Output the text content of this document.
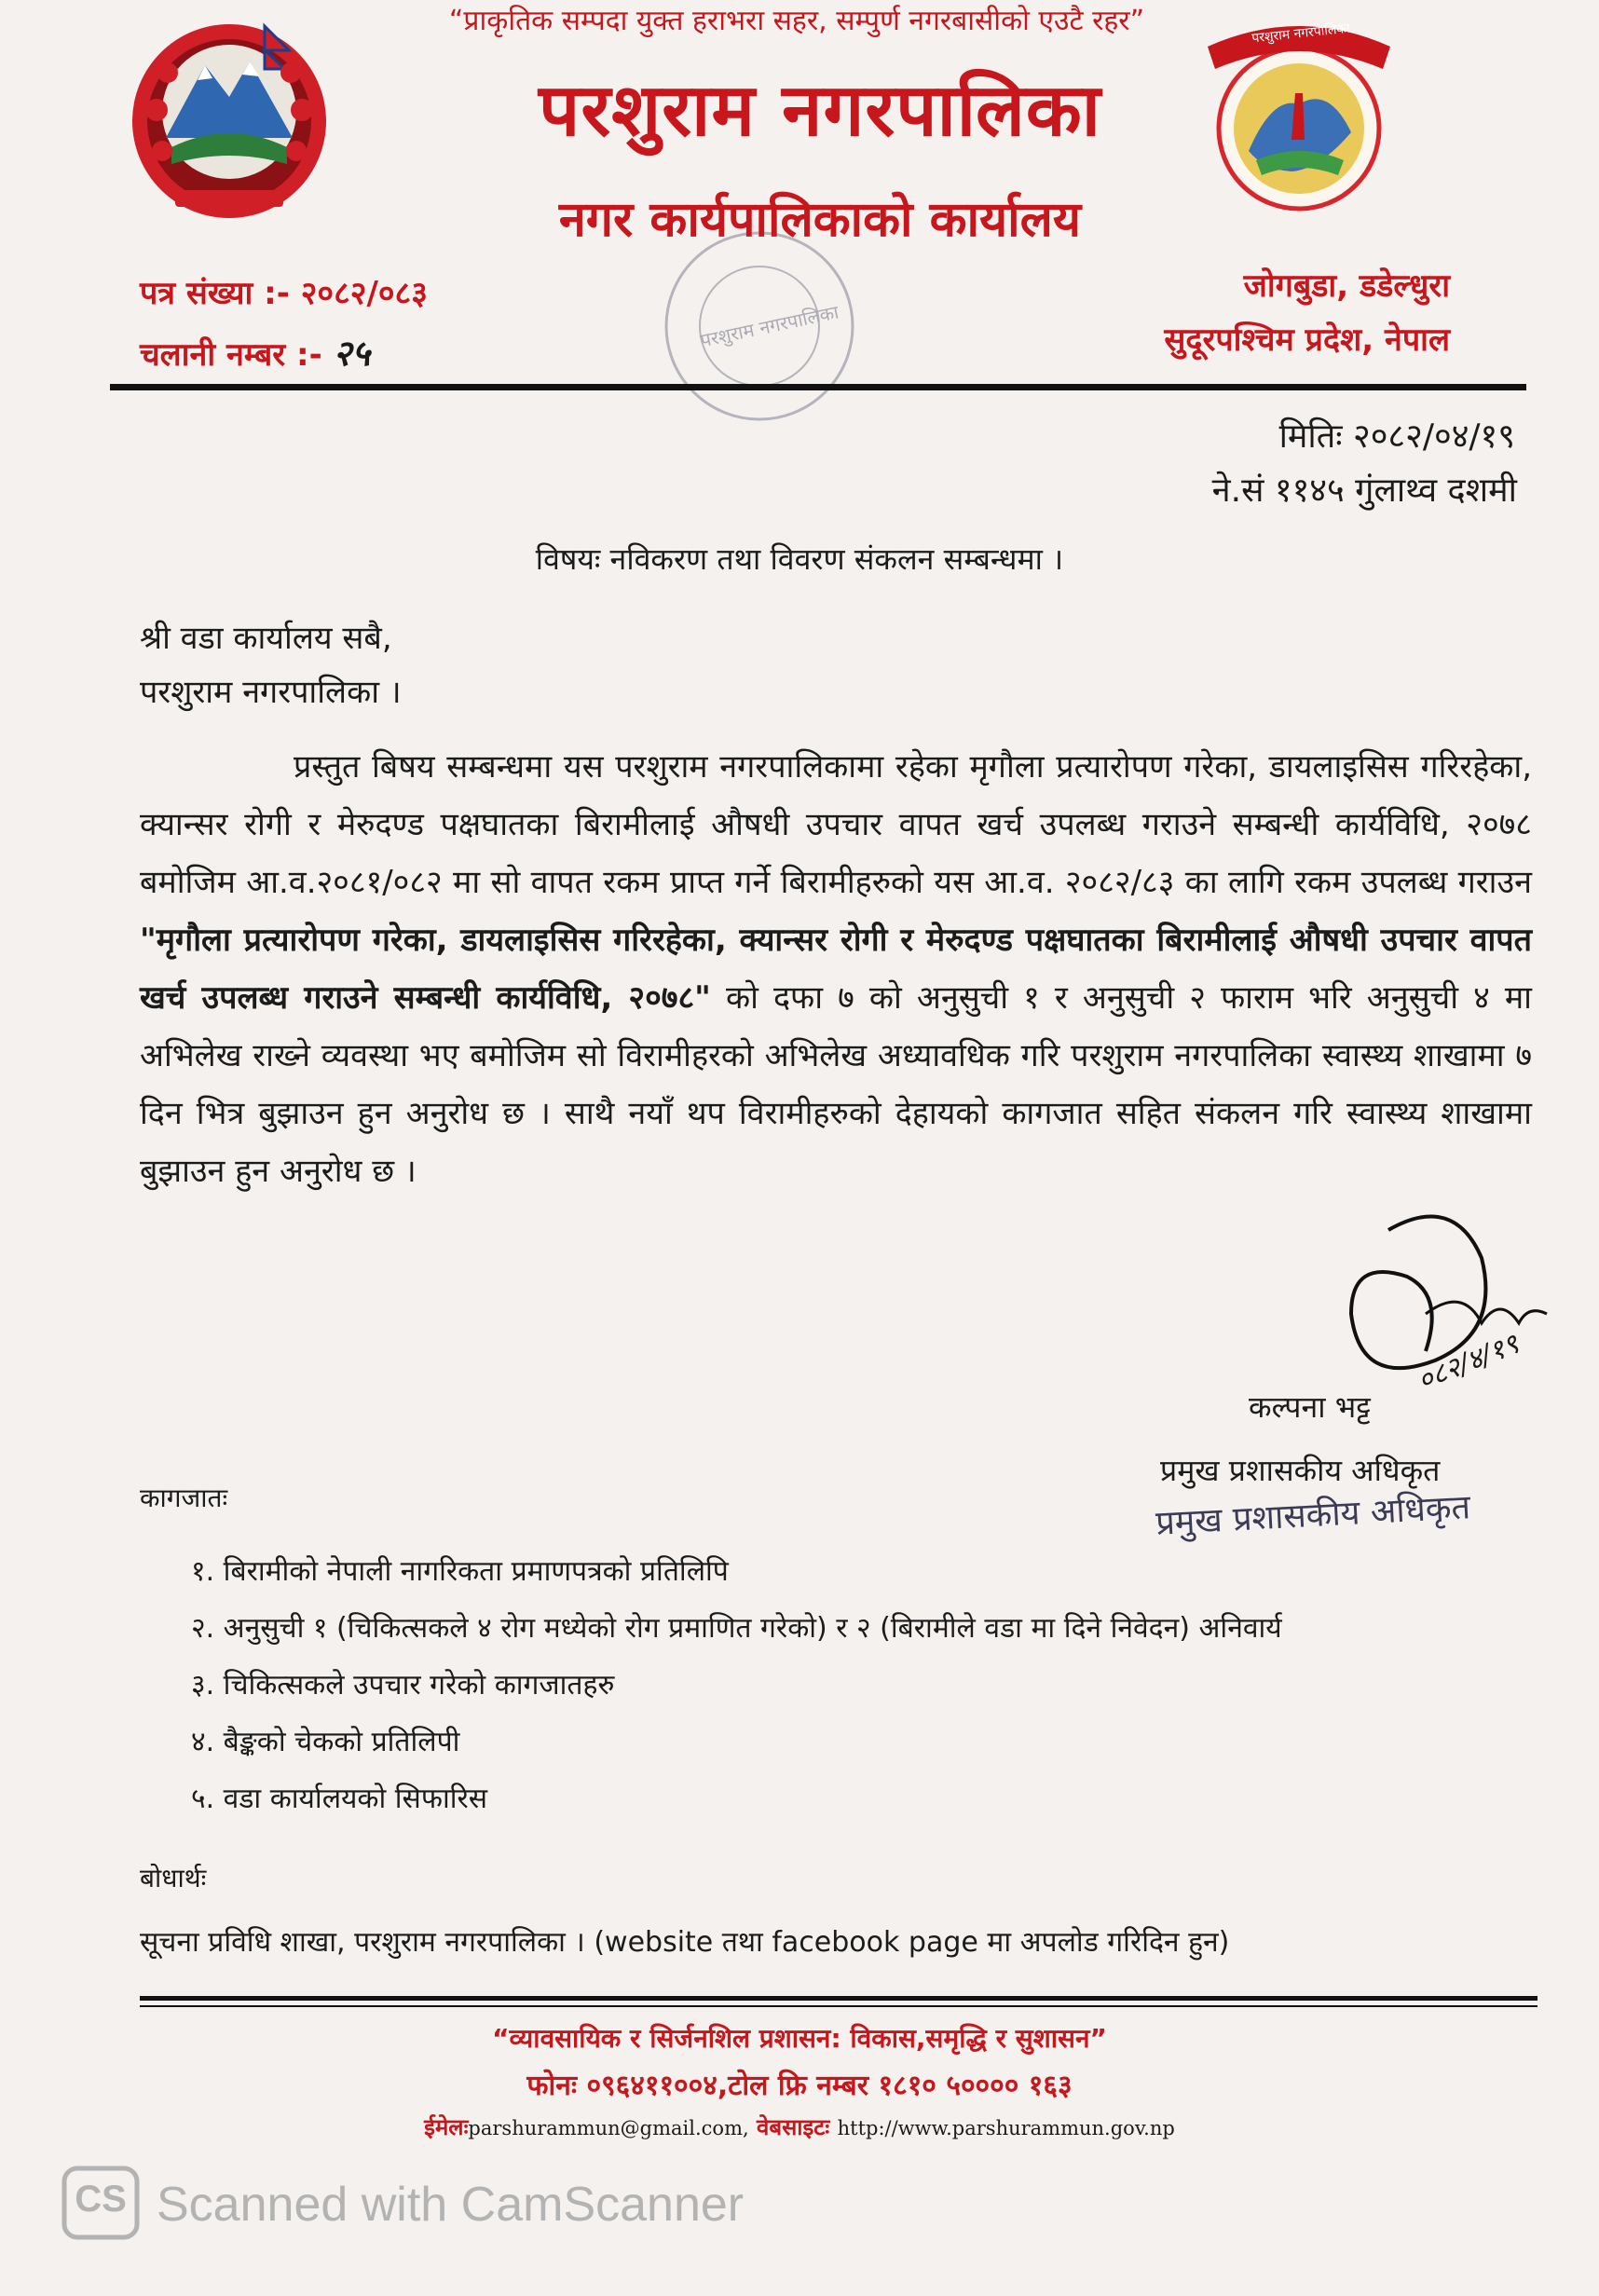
परशुराम नगरपालिका
परशुराम नगरपालिका
“प्राकृतिक सम्पदा युक्त हराभरा सहर, सम्पुर्ण नगरबासीको एउटै रहर”
परशुराम नगरपालिका
नगर कार्यपालिकाको कार्यालय
पत्र संख्या :- २०८२/०८३
चलानी नम्बर :- २५
जोगबुडा, डडेल्धुरा
सुदूरपश्चिम प्रदेश, नेपाल
मितिः २०८२/०४/१९
ने.सं ११४५ गुंलाथ्व दशमी
विषयः नविकरण तथा विवरण संकलन सम्बन्धमा ।
श्री वडा कार्यालय सबै,
परशुराम नगरपालिका ।
प्रस्तुत बिषय सम्बन्धमा यस परशुराम नगरपालिकामा रहेका मृगौला प्रत्यारोपण गरेका, डायलाइसिस गरिरहेका, क्यान्सर रोगी र मेरुदण्ड पक्षघातका बिरामीलाई औषधी उपचार वापत खर्च उपलब्ध गराउने सम्बन्धी कार्यविधि, २०७८ बमोजिम आ.व.२०८१/०८२ मा सो वापत रकम प्राप्त गर्ने बिरामीहरुको यस आ.व. २०८२/८३ का लागि रकम उपलब्ध गराउन "मृगौला प्रत्यारोपण गरेका, डायलाइसिस गरिरहेका, क्यान्सर रोगी र मेरुदण्ड पक्षघातका बिरामीलाई औषधी उपचार वापत खर्च उपलब्ध गराउने सम्बन्धी कार्यविधि, २०७८" को दफा ७ को अनुसुची १ र अनुसुची २ फाराम भरि अनुसुची ४ मा अभिलेख राख्ने व्यवस्था भए बमोजिम सो विरामीहरको अभिलेख अध्यावधिक गरि परशुराम नगरपालिका स्वास्थ्य शाखामा ७ दिन भित्र बुझाउन हुन अनुरोध छ । साथै नयाँ थप विरामीहरुको देहायको कागजात सहित संकलन गरि स्वास्थ्य शाखामा बुझाउन हुन अनुरोध छ ।
०८२/४/१९
कल्पना भट्ट
प्रमुख प्रशासकीय अधिकृत
प्रमुख प्रशासकीय अधिकृत
कागजातः
१. बिरामीको नेपाली नागरिकता प्रमाणपत्रको प्रतिलिपि
२. अनुसुची १ (चिकित्सकले ४ रोग मध्येको रोग प्रमाणित गरेको) र २ (बिरामीले वडा मा दिने निवेदन) अनिवार्य
३. चिकित्सकले उपचार गरेको कागजातहरु
४. बैङ्कको चेकको प्रतिलिपी
५. वडा कार्यालयको सिफारिस
बोधार्थः
सूचना प्रविधि शाखा, परशुराम नगरपालिका । (website तथा facebook page मा अपलोड गरिदिन हुन)
“व्यावसायिक र सिर्जनशिल प्रशासन: विकास,समृद्धि र सुशासन”
फोनः ०९६४११००४,टोल फ्रि नम्बर १८१० ५०००० १६३
ईमेलःparshurammun@gmail.com, वेबसाइटः http://www.parshurammun.gov.np
CS Scanned with CamScanner
